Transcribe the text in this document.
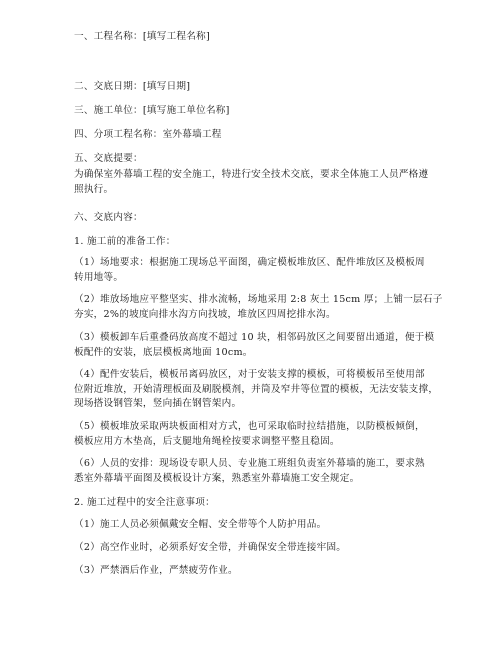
一、工程名称：[填写工程名称]
二、交底日期：[填写日期]
三、施工单位：[填写施工单位名称]
四、分项工程名称：室外幕墙工程
五、交底提要：
为确保室外幕墙工程的安全施工，特进行安全技术交底，要求全体施工人员严格遵
照执行。
六、交底内容：
1. 施工前的准备工作：
（1）场地要求：根据施工现场总平面图，确定模板堆放区、配件堆放区及模板周
转用地等。
（2）堆放场地应平整坚实、排水流畅，场地采用 2:8 灰土 15cm 厚；上铺一层石子
夯实，2%的坡度向排水沟方向找坡，堆放区四周挖排水沟。
（3）模板卸车后重叠码放高度不超过 10 块，相邻码放区之间要留出通道，便于模
板配件的安装，底层模板离地面 10cm。
（4）配件安装后，模板吊离码放区，对于安装支撑的模板，可将模板吊至使用部
位附近堆放，开始清理板面及刷脱模剂，并筒及窄井等位置的模板，无法安装支撑，
现场搭设钢管架，竖向插在钢管架内。
（5）模板堆放采取两块板面相对方式，也可采取临时拉结措施，以防模板倾倒，
模板应用方木垫高，后支腿地角绳栓按要求调整平整且稳固。
（6）人员的安排：现场设专职人员、专业施工班组负责室外幕墙的施工，要求熟
悉室外幕墙平面图及模板设计方案，熟悉室外幕墙施工安全规定。
2. 施工过程中的安全注意事项：
（1）施工人员必须佩戴安全帽、安全带等个人防护用品。
（2）高空作业时，必须系好安全带，并确保安全带连接牢固。
（3）严禁酒后作业，严禁疲劳作业。
